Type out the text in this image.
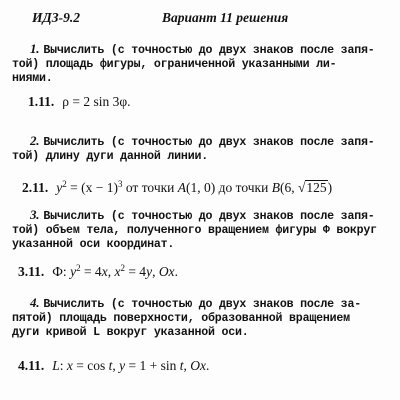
ИДЗ-9.2	Вариант 11 решения
1. Вычислить (с точностью до двух знаков после запя-
той) площадь фигуры, ограниченной указанными ли-
ниями.
1.11. ρ = 2 sin 3φ.
2. Вычислить (с точностью до двух знаков после запя-
той) длину дуги данной линии.
2.11. $y^2 = (x - 1)^3$ от точки A(1, 0) до точки B(6, √125)
3. Вычислить (с точностью до двух знаков после запя-
той) объем тела, полученного вращением фигуры Ф вокруг
указанной оси координат.
3.11. Ф: $y^2 = 4x$, $x^2 = 4y$, Ox.
4. Вычислить (с точностью до двух знаков после за-
пятой) площадь поверхности, образованной вращением
дуги кривой L вокруг указанной оси.
4.11. L: x = cos t, y = 1 + sin t, Ox.
